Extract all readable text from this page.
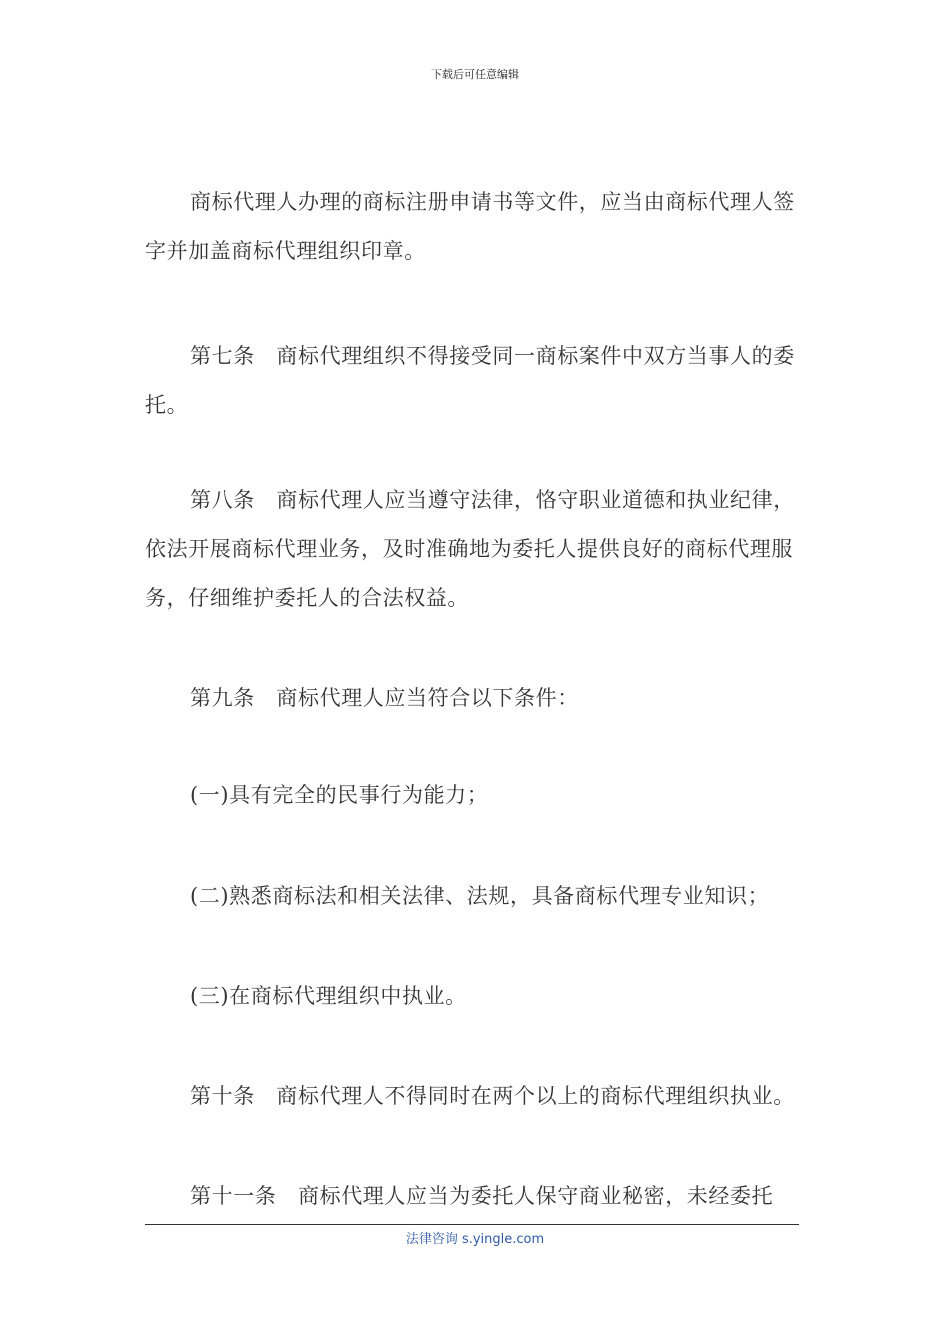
下载后可任意编辑

商标代理人办理的商标注册申请书等文件，应当由商标代理人签字并加盖商标代理组织印章。

第七条　商标代理组织不得接受同一商标案件中双方当事人的委托。

第八条　商标代理人应当遵守法律，恪守职业道德和执业纪律，依法开展商标代理业务，及时准确地为委托人提供良好的商标代理服务，仔细维护委托人的合法权益。

第九条　商标代理人应当符合以下条件：

(一)具有完全的民事行为能力；

(二)熟悉商标法和相关法律、法规，具备商标代理专业知识；

(三)在商标代理组织中执业。

第十条　商标代理人不得同时在两个以上的商标代理组织执业。

第十一条　商标代理人应当为委托人保守商业秘密，未经委托

法律咨询 s.yingle.com
